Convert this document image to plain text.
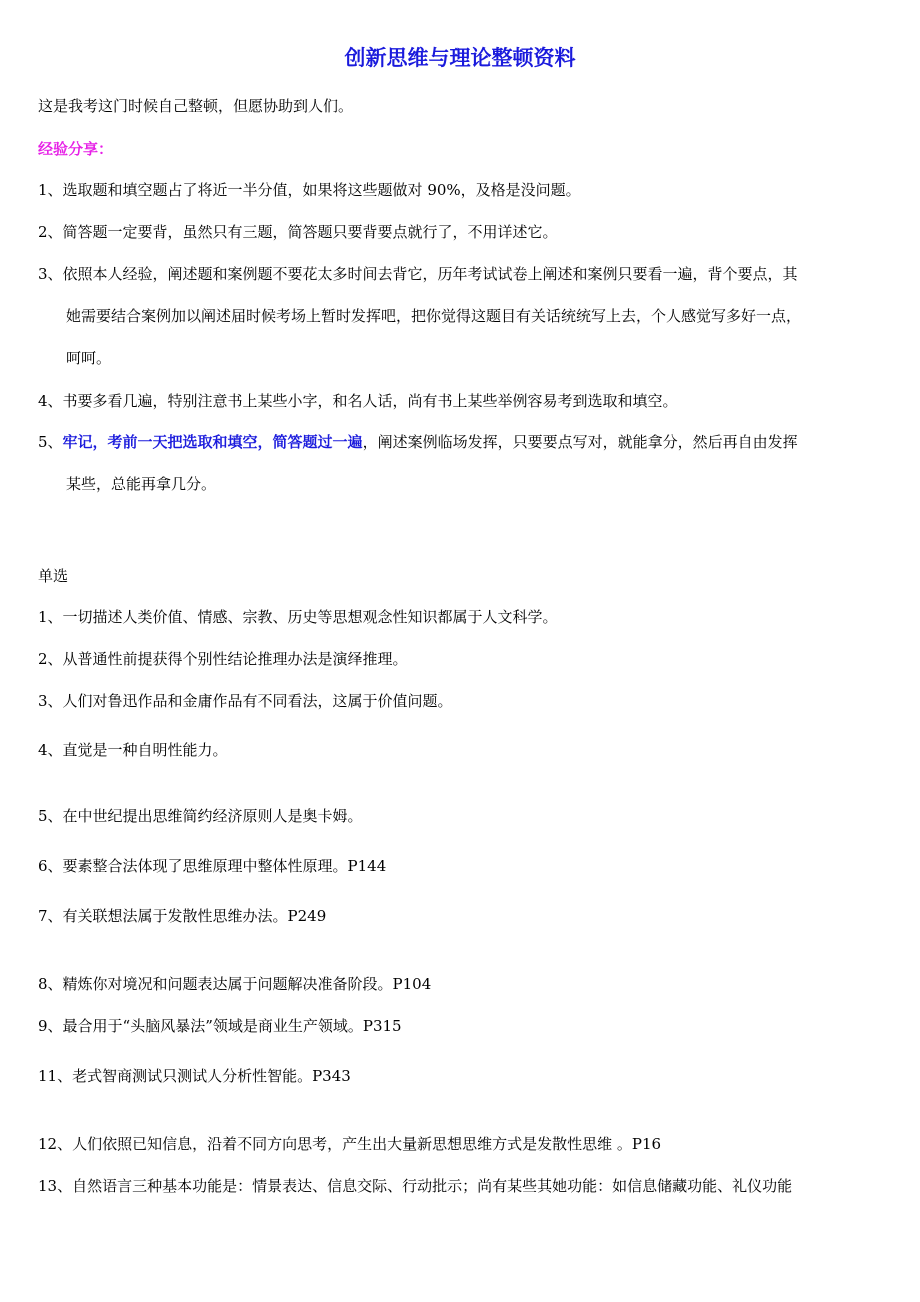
创新思维与理论整顿资料
这是我考这门时候自己整顿，但愿协助到人们。
经验分享：
1、选取题和填空题占了将近一半分值，如果将这些题做对 90%，及格是没问题。
2、简答题一定要背，虽然只有三题，简答题只要背要点就行了，不用详述它。
3、依照本人经验，阐述题和案例题不要花太多时间去背它，历年考试试卷上阐述和案例只要看一遍，背个要点，其
她需要结合案例加以阐述届时候考场上暂时发挥吧，把你觉得这题目有关话统统写上去，个人感觉写多好一点，
呵呵。
4、书要多看几遍，特别注意书上某些小字，和名人话，尚有书上某些举例容易考到选取和填空。
5、牢记，考前一天把选取和填空，简答题过一遍，阐述案例临场发挥，只要要点写对，就能拿分，然后再自由发挥
某些，总能再拿几分。
单选
1、一切描述人类价值、情感、宗教、历史等思想观念性知识都属于人文科学。
2、从普通性前提获得个别性结论推理办法是演绎推理。
3、人们对鲁迅作品和金庸作品有不同看法，这属于价值问题。
4、直觉是一种自明性能力。
5、在中世纪提出思维简约经济原则人是奥卡姆。
6、要素整合法体现了思维原理中整体性原理。P144
7、有关联想法属于发散性思维办法。P249
8、精炼你对境况和问题表达属于问题解决准备阶段。P104
9、最合用于“头脑风暴法”领域是商业生产领域。P315
11、老式智商测试只测试人分析性智能。P343
12、人们依照已知信息，沿着不同方向思考，产生出大量新思想思维方式是发散性思维 。P16
13、自然语言三种基本功能是：情景表达、信息交际、行动批示；尚有某些其她功能：如信息储藏功能、礼仪功能
